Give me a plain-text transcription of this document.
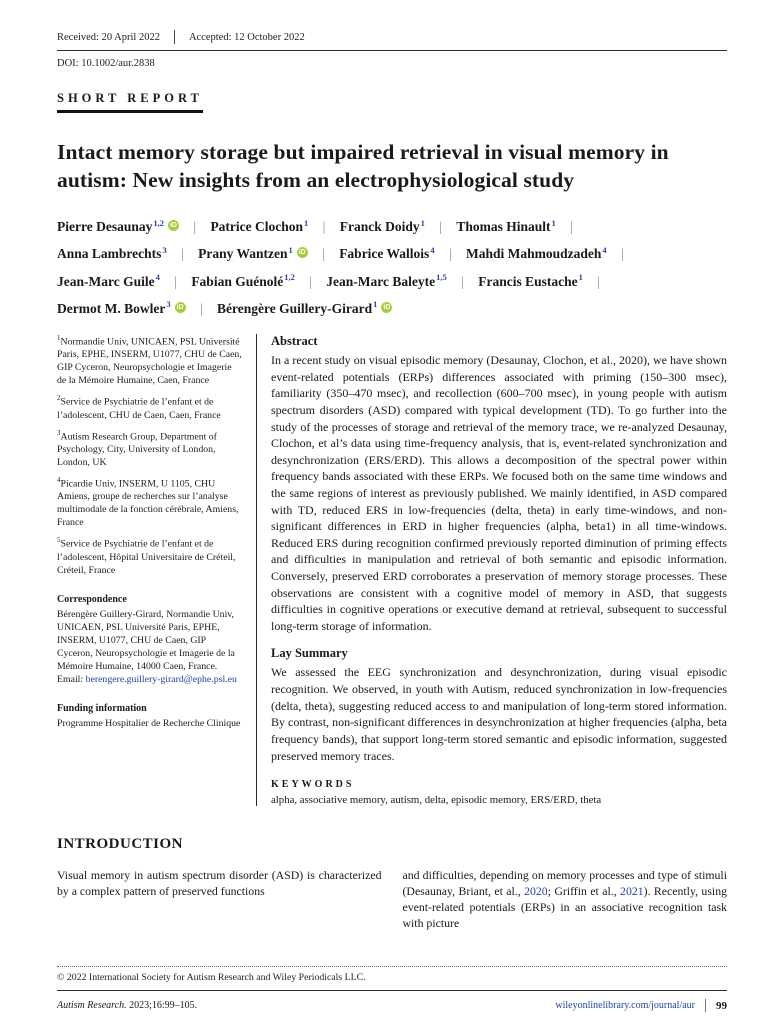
Received: 20 April 2022	Accepted: 12 October 2022
DOI: 10.1002/aur.2838
SHORT REPORT
Intact memory storage but impaired retrieval in visual memory in autism: New insights from an electrophysiological study
Pierre Desaunay$^{1,2}$ iD | Patrice Clochon$^1$ | Franck Doidy$^1$ | Thomas Hinault$^1$ |
Anna Lambrechts$^3$ | Prany Wantzen$^1$ iD | Fabrice Wallois$^4$ | Mahdi Mahmoudzadeh$^4$ |
Jean-Marc Guile$^4$ | Fabian Guénolé$^{1,2}$ | Jean-Marc Baleyte$^{1,5}$ | Francis Eustache$^1$ |
Dermot M. Bowler$^3$ iD | Bérengère Guillery-Girard$^1$ iD
$^1$Normandie Univ, UNICAEN, PSL Université Paris, EPHE, INSERM, U1077, CHU de Caen, GIP Cyceron, Neuropsychologie et Imagerie de la Mémoire Humaine, Caen, France
$^2$Service de Psychiatrie de l’enfant et de l’adolescent, CHU de Caen, Caen, France
$^3$Autism Research Group, Department of Psychology, City, University of London, London, UK
$^4$Picardie Univ, INSERM, U 1105, CHU Amiens, groupe de recherches sur l’analyse multimodale de la fonction cérébrale, Amiens, France
$^5$Service de Psychiatrie de l’enfant et de l’adolescent, Hôpital Universitaire de Créteil, Créteil, France
Correspondence
Bérengère Guillery-Girard, Normandie Univ, UNICAEN, PSL Université Paris, EPHE, INSERM, U1077, CHU de Caen, GIP Cyceron, Neuropsychologie et Imagerie de la Mémoire Humaine, 14000 Caen, France.
Email: berengere.guillery-girard@ephe.psl.eu
Funding information
Programme Hospitalier de Recherche Clinique
Abstract
In a recent study on visual episodic memory (Desaunay, Clochon, et al., 2020), we have shown event-related potentials (ERPs) differences associated with priming (150–300 msec), familiarity (350–470 msec), and recollection (600–700 msec), in young people with autism spectrum disorders (ASD) compared with typical development (TD). To go further into the study of the processes of storage and retrieval of the memory trace, we re-analyzed Desaunay, Clochon, et al’s data using time-frequency analysis, that is, event-related synchronization and desynchronization (ERS/ERD). This allows a decomposition of the spectral power within frequency bands associated with these ERPs. We focused both on the same time windows and the same regions of interest as previously published. We mainly identified, in ASD compared with TD, reduced ERS in low-frequencies (delta, theta) in early time-windows, and non-significant differences in ERD in higher frequencies (alpha, beta1) in all time-windows. Reduced ERS during recognition confirmed previously reported diminution of priming effects and difficulties in manipulation and retrieval of both semantic and episodic information. Conversely, preserved ERD corroborates a preservation of memory storage processes. These observations are consistent with a cognitive model of memory in ASD, that suggests difficulties in cognitive operations or executive demand at retrieval, subsequent to successful long-term storage of information.
Lay Summary
We assessed the EEG synchronization and desynchronization, during visual episodic recognition. We observed, in youth with Autism, reduced synchronization in low-frequencies (delta, theta), suggesting reduced access to and manipulation of long-term stored information. By contrast, non-significant differences in desynchronization at higher frequencies (alpha, beta frequency bands), that support long-term stored semantic and episodic information, suggested preserved memory traces.
KEYWORDS
alpha, associative memory, autism, delta, episodic memory, ERS/ERD, theta
INTRODUCTION
Visual memory in autism spectrum disorder (ASD) is characterized by a complex pattern of preserved functions
and difficulties, depending on memory processes and type of stimuli (Desaunay, Briant, et al., 2020; Griffin et al., 2021). Recently, using event-related potentials (ERPs) in an associative recognition task with picture
© 2022 International Society for Autism Research and Wiley Periodicals LLC.
Autism Research. 2023;16:99–105.	wileyonlinelibrary.com/journal/aur 99
